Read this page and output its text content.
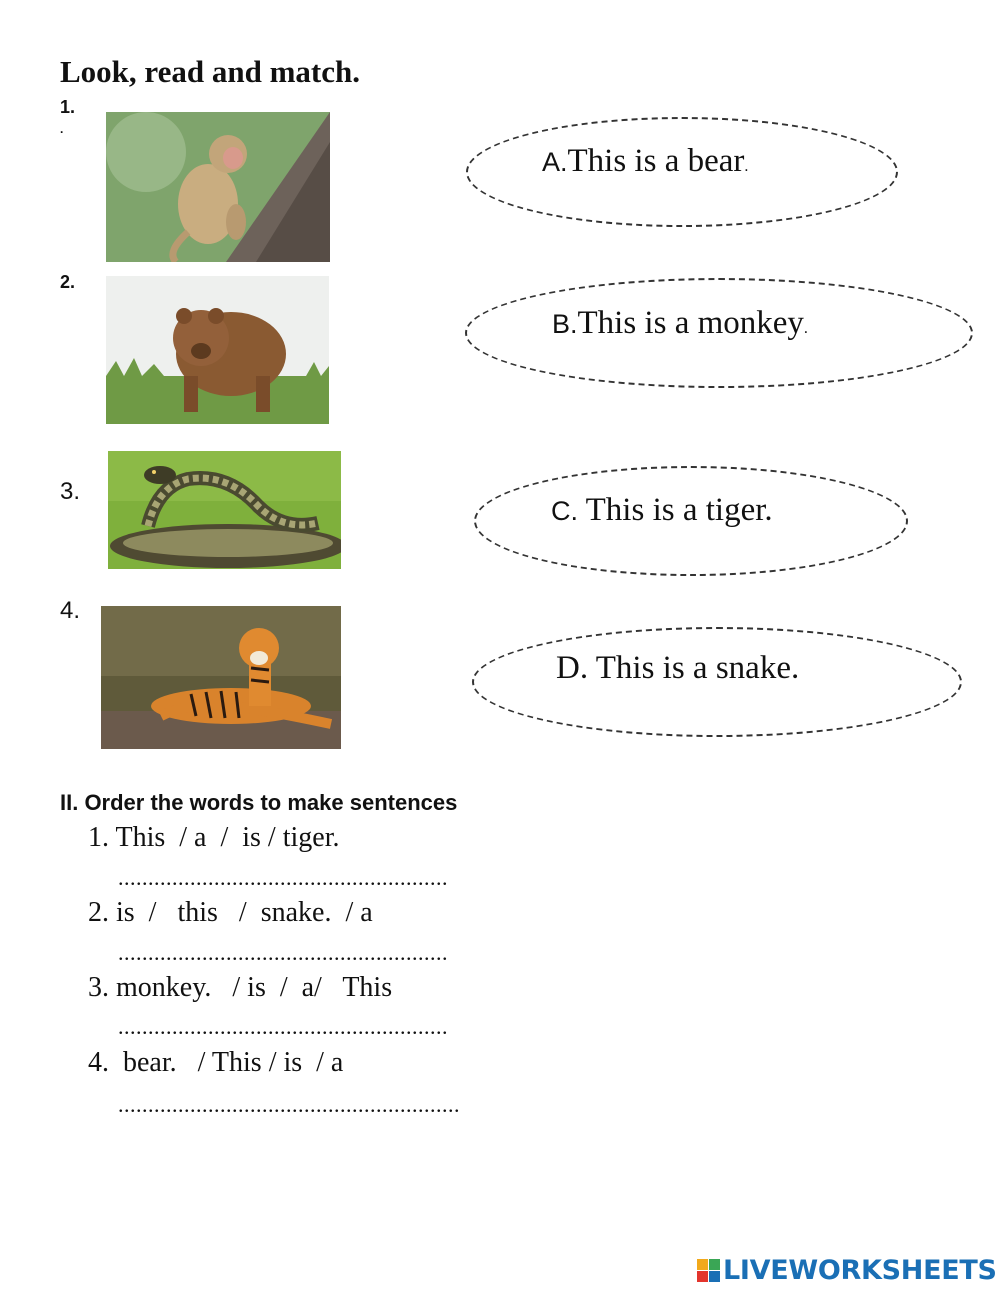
Look, read and match.
1.
.
2.
3.
4.
A.This is a bear.
B.This is a monkey.
C. This is a tiger.
D. This is a snake.
II. Order the words to make sentences
1. This  / a  /  is / tiger.
.......................................................
2. is  /   this   /  snake.  / a
.......................................................
3. monkey.   / is  /  a/   This
.......................................................
4.  bear.   / This / is  / a
.........................................................
LIVEWORKSHEETS
